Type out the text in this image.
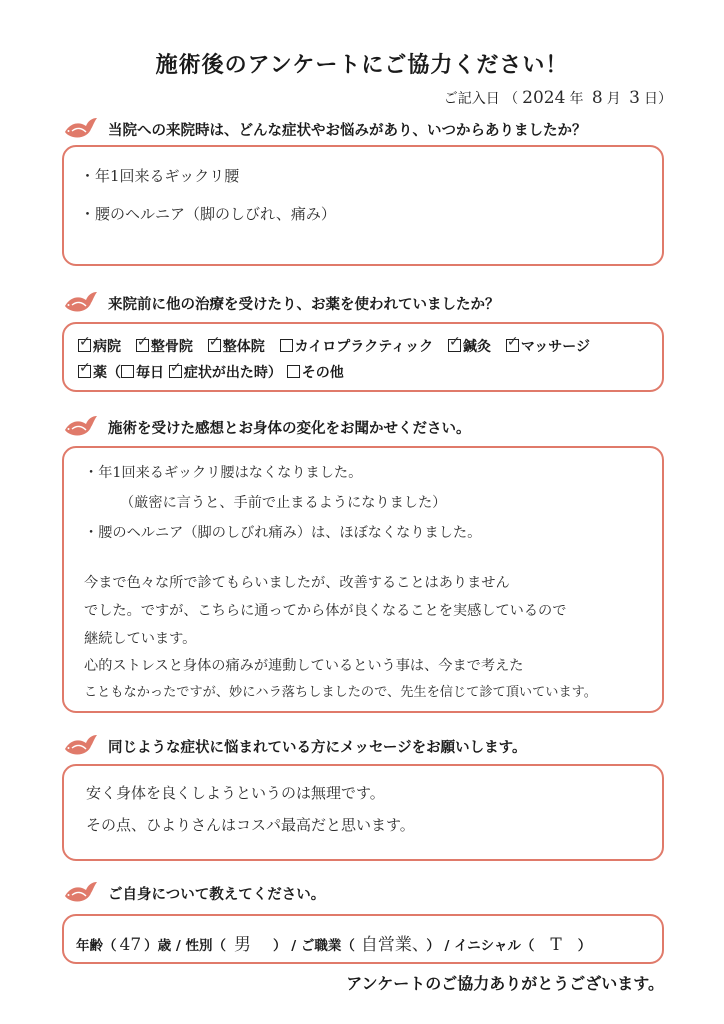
施術後のアンケートにご協力ください！
ご記入日 （ 2024 年 8 月 3 日）
当院への来院時は、どんな症状やお悩みがあり、いつからありましたか？
・年1回来るギックリ腰
・腰のヘルニア（脚のしびれ、痛み）
来院前に他の治療を受けたり、お薬を使われていましたか？
✓病院 ✓ 整骨院 ✓ 整体院 カイロプラクティック ✓ 鍼灸 ✓ マッサージ
✓薬（ 毎日 ✓ 症状が出た時） その他
施術を受けた感想とお身体の変化をお聞かせください。
・年1回来るギックリ腰はなくなりました。
（厳密に言うと、手前で止まるようになりました）
・腰のヘルニア（脚のしびれ痛み）は、ほぼなくなりました。
今まで色々な所で診てもらいましたが、改善することはありません
でした。ですが、こちらに通ってから体が良くなることを実感しているので
継続しています。
心的ストレスと身体の痛みが連動しているという事は、今まで考えた
こともなかったですが、妙にハラ落ちしましたので、先生を信じて診て頂いています。
同じような症状に悩まれている方にメッセージをお願いします。
安く身体を良くしようというのは無理です。
その点、ひよりさんはコスパ最高だと思います。
ご自身について教えてください。
年齢（ 47 ）歳 / 性別（ 男 ） / ご職業（ 自営業、 ） / イニシャル（ T ）
アンケートのご協力ありがとうございます。
